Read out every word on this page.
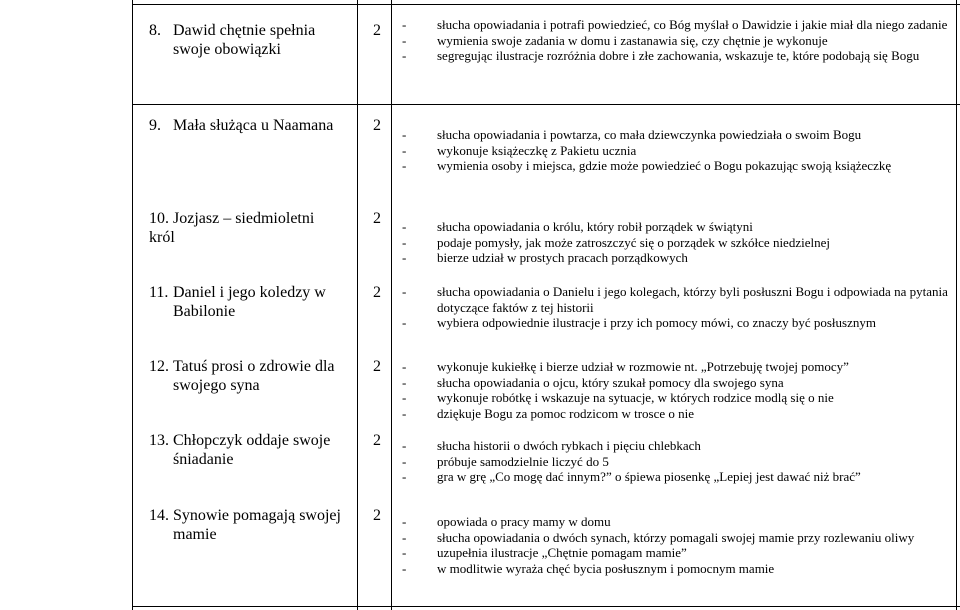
8. Dawid chętnie spełnia
swoje obowiązki
2	- słucha opowiadania i potrafi powiedzieć, co Bóg myślał o Dawidzie i jakie miał dla niego zadanie
- wymienia swoje zadania w domu i zastanawia się, czy chętnie je wykonuje
- segregując ilustracje rozróżnia dobre i złe zachowania, wskazuje te, które podobają się Bogu
9. Mała służąca u Naamana	2
- słucha opowiadania i powtarza, co mała dziewczynka powiedziała o swoim Bogu
- wykonuje książeczkę z Pakietu ucznia
- wymienia osoby i miejsca, gdzie może powiedzieć o Bogu pokazując swoją książeczkę
10. Jozjasz – siedmioletni król
2	- słucha opowiadania o królu, który robił porządek w świątyni
- podaje pomysły, jak może zatroszczyć się o porządek w szkółce niedzielnej
- bierze udział w prostych pracach porządkowych
11. Daniel i jego koledzy w
Babilonie
2	- słucha opowiadania o Danielu i jego kolegach, którzy byli posłuszni Bogu i odpowiada na pytania dotyczące faktów z tej historii
- wybiera odpowiednie ilustracje i przy ich pomocy mówi, co znaczy być posłusznym
12. Tatuś prosi o zdrowie dla
swojego syna
2	- wykonuje kukiełkę i bierze udział w rozmowie nt. „Potrzebuję twojej pomocy”
- słucha opowiadania o ojcu, który szukał pomocy dla swojego syna
- wykonuje robótkę i wskazuje na sytuacje, w których rodzice modlą się o nie
- dziękuje Bogu za pomoc rodzicom w trosce o nie
13. Chłopczyk oddaje swoje
śniadanie
2	- słucha historii o dwóch rybkach i pięciu chlebkach
- próbuje samodzielnie liczyć do 5
- gra w grę „Co mogę dać innym?” o śpiewa piosenkę „Lepiej jest dawać niż brać”
14. Synowie pomagają swojej
mamie
2	- opowiada o pracy mamy w domu
- słucha opowiadania o dwóch synach, którzy pomagali swojej mamie przy rozlewaniu oliwy
- uzupełnia ilustracje „Chętnie pomagam mamie”
- w modlitwie wyraża chęć bycia posłusznym i pomocnym mamie
